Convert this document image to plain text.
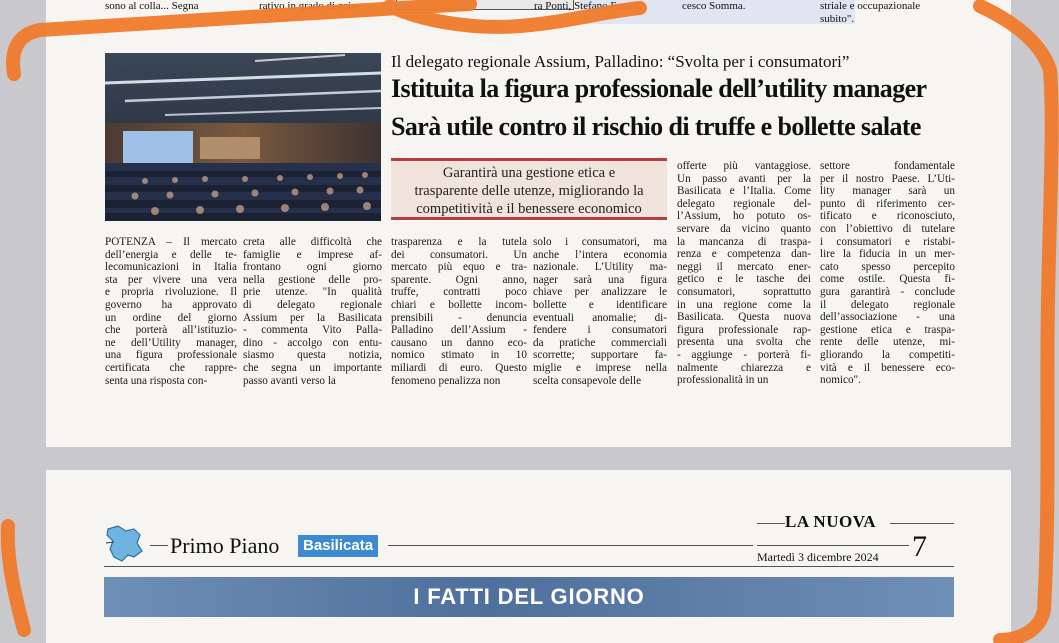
sono al colla... Segna	rativo in grado di coin-	ra Ponti, Stefano Fasani,	cesco Somma.	striale e occupazionale
subito".
Il delegato regionale Assium, Palladino: “Svolta per i consumatori”
Istituita la figura professionale dell’utility manager
Sarà utile contro il rischio di truffe e bollette salate
Garantirà una gestione etica e
trasparente delle utenze, migliorando la
competitività e il benessere economico
POTENZA – Il mercato
dell’energia e delle te-
lecomunicazioni in Italia
sta per vivere una vera
e propria rivoluzione. Il
governo ha approvato
un ordine del giorno
che porterà all’istituzio-
ne dell’Utility manager,
una figura professionale
certificata che rappre-
senta una risposta con-
creta alle difficoltà che
famiglie e imprese af-
frontano ogni giorno
nella gestione delle pro-
prie utenze. "In qualità
di delegato regionale
Assium per la Basilicata
- commenta Vito Palla-
dino - accolgo con entu-
siasmo questa notizia,
che segna un importante
passo avanti verso la
trasparenza e la tutela
dei consumatori. Un
mercato più equo e tra-
sparente. Ogni anno,
truffe, contratti poco
chiari e bollette incom-
prensibili - denuncia
Palladino dell’Assium -
causano un danno eco-
nomico stimato in 10
miliardi di euro. Questo
fenomeno penalizza non
solo i consumatori, ma
anche l’intera economia
nazionale. L’Utility ma-
nager sarà una figura
chiave per analizzare le
bollette e identificare
eventuali anomalie; di-
fendere i consumatori
da pratiche commerciali
scorrette; supportare fa-
miglie e imprese nella
scelta consapevole delle
offerte più vantaggiose.
Un passo avanti per la
Basilicata e l’Italia. Come
delegato regionale del-
l’Assium, ho potuto os-
servare da vicino quanto
la mancanza di traspa-
renza e competenza dan-
neggi il mercato ener-
getico e le tasche dei
consumatori, soprattutto
in una regione come la
Basilicata. Questa nuova
figura professionale rap-
presenta una svolta che
- aggiunge - porterà fi-
nalmente chiarezza e
professionalità in un
settore fondamentale
per il nostro Paese. L’Uti-
lity manager sarà un
punto di riferimento cer-
tificato e riconosciuto,
con l’obiettivo di tutelare
i consumatori e ristabi-
lire la fiducia in un mer-
cato spesso percepito
come ostile. Questa fi-
gura garantirà - conclude
il delegato regionale
dell’associazione - una
gestione etica e traspa-
rente delle utenze, mi-
gliorando la competiti-
vità e il benessere eco-
nomico".
Primo Piano	Basilicata
LA NUOVA
Martedì 3 dicembre 2024 7
I FATTI DEL GIORNO
